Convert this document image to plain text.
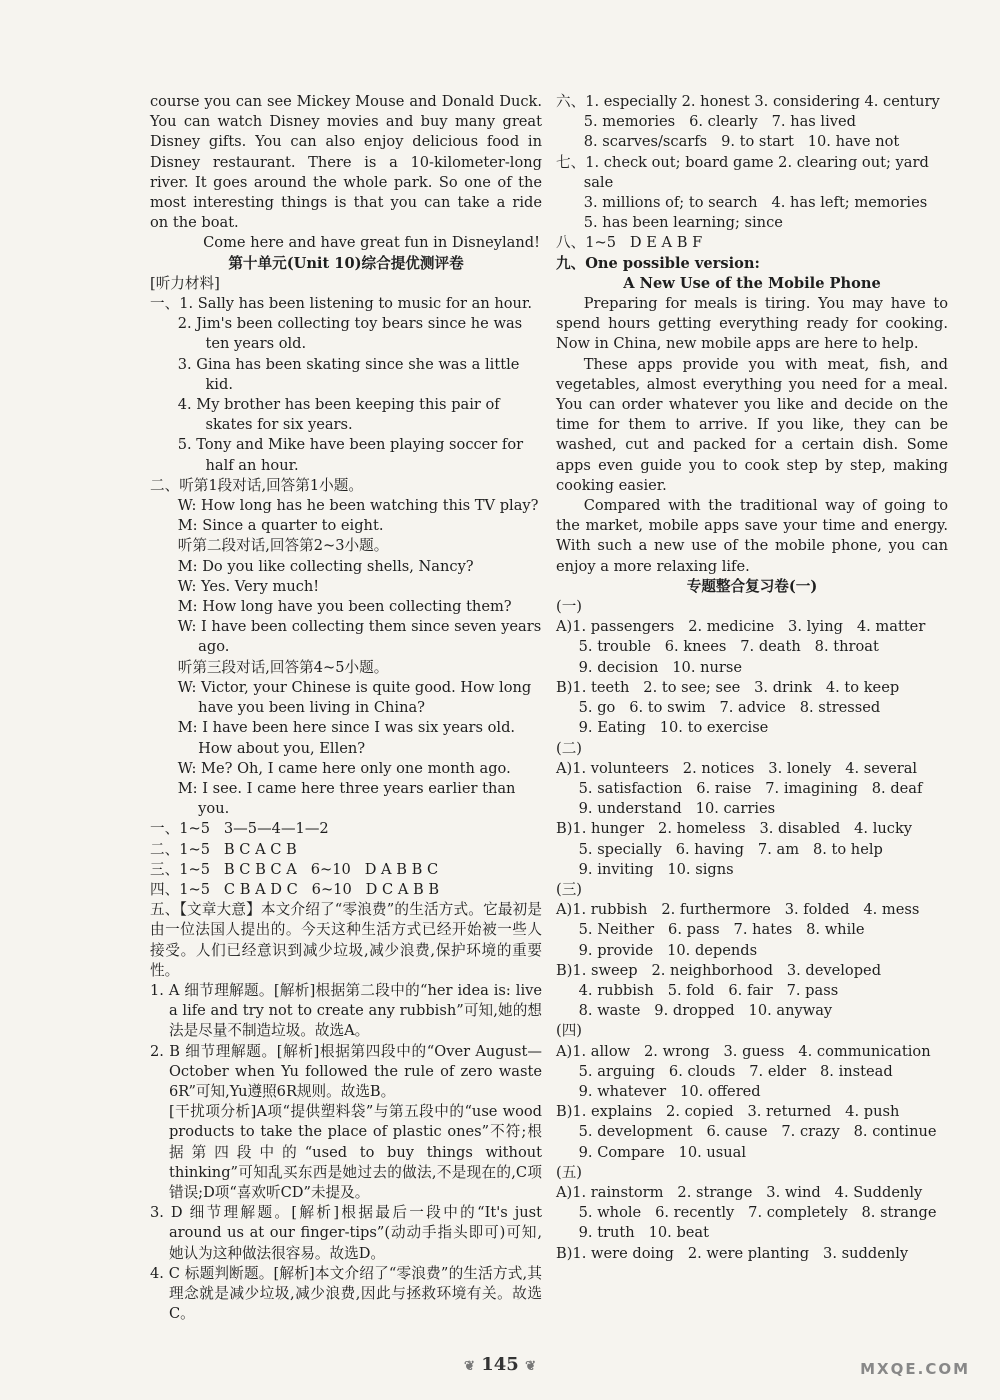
course you can see Mickey Mouse and Donald Duck. You can watch Disney movies and buy many great Disney gifts. You can also enjoy delicious food in Disney restaurant. There is a 10-kilometer-long river. It goes around the whole park. So one of the most interesting things is that you can take a ride on the boat.

Come here and have great fun in Disneyland!
第十单元(Unit 10)综合提优测评卷
[听力材料]
一、1. Sally has been listening to music for an hour.
2. Jim's been collecting toy bears since he was ten years old.
3. Gina has been skating since she was a little kid.
4. My brother has been keeping this pair of skates for six years.
5. Tony and Mike have been playing soccer for half an hour.
二、听第1段对话,回答第1小题。
W: How long has he been watching this TV play?
M: Since a quarter to eight.
听第二段对话,回答第2~3小题。
M: Do you like collecting shells, Nancy?
W: Yes. Very much!
M: How long have you been collecting them?
W: I have been collecting them since seven years ago.
听第三段对话,回答第4~5小题。
W: Victor, your Chinese is quite good. How long have you been living in China?
M: I have been here since I was six years old. How about you, Ellen?
W: Me? Oh, I came here only one month ago.
M: I see. I came here three years earlier than you.
一、1~5   3—5—4—1—2
二、1~5   B C A C B
三、1~5   B C B C A   6~10   D A B B C
四、1~5   C B A D C   6~10   D C A B B
五、【文章大意】本文介绍了“零浪费”的生活方式。它最初是由一位法国人提出的。今天这种生活方式已经开始被一些人接受。人们已经意识到减少垃圾,减少浪费,保护环境的重要性。
1. A 细节理解题。[解析]根据第二段中的“her idea is: live a life and try not to create any rubbish”可知,她的想法是尽量不制造垃圾。故选A。
2. B 细节理解题。[解析]根据第四段中的“Over August—October when Yu followed the rule of zero waste 6R”可知,Yu遵照6R规则。故选B。
[干扰项分析]A项“提供塑料袋”与第五段中的“use wood products to take the place of plastic ones”不符;根据第四段中的“used to buy things without thinking”可知乱买东西是她过去的做法,不是现在的,C项错误;D项“喜欢听CD”未提及。
3. D 细节理解题。[解析]根据最后一段中的“It's just around us at our finger-tips”(动动手指头即可)可知,她认为这种做法很容易。故选D。
4. C 标题判断题。[解析]本文介绍了“零浪费”的生活方式,其理念就是减少垃圾,减少浪费,因此与拯救环境有关。故选C。
六、1. especially 2. honest 3. considering 4. century
5. memories   6. clearly   7. has lived
8. scarves/scarfs   9. to start   10. have not
七、1. check out; board game 2. clearing out; yard sale
3. millions of; to search   4. has left; memories
5. has been learning; since
八、1~5   D E A B F
九、One possible version:
A New Use of the Mobile Phone

Preparing for meals is tiring. You may have to spend hours getting everything ready for cooking. Now in China, new mobile apps are here to help.

These apps provide you with meat, fish, and vegetables, almost everything you need for a meal. You can order whatever you like and decide on the time for them to arrive. If you like, they can be washed, cut and packed for a certain dish. Some apps even guide you to cook step by step, making cooking easier.

Compared with the traditional way of going to the market, mobile apps save your time and energy. With such a new use of the mobile phone, you can enjoy a more relaxing life.

专题整合复习卷(一)
(一)
A)1. passengers   2. medicine   3. lying   4. matter
5. trouble   6. knees   7. death   8. throat
9. decision   10. nurse
B)1. teeth   2. to see; see   3. drink   4. to keep
5. go   6. to swim   7. advice   8. stressed
9. Eating   10. to exercise
(二)
A)1. volunteers   2. notices   3. lonely   4. several
5. satisfaction   6. raise   7. imagining   8. deaf
9. understand   10. carries
B)1. hunger   2. homeless   3. disabled   4. lucky
5. specially   6. having   7. am   8. to help
9. inviting   10. signs
(三)
A)1. rubbish   2. furthermore   3. folded   4. mess
5. Neither   6. pass   7. hates   8. while
9. provide   10. depends
B)1. sweep   2. neighborhood   3. developed
4. rubbish   5. fold   6. fair   7. pass
8. waste   9. dropped   10. anyway
(四)
A)1. allow   2. wrong   3. guess   4. communication
5. arguing   6. clouds   7. elder   8. instead
9. whatever   10. offered
B)1. explains   2. copied   3. returned   4. push
5. development   6. cause   7. crazy   8. continue
9. Compare   10. usual
(五)
A)1. rainstorm   2. strange   3. wind   4. Suddenly
5. whole   6. recently   7. completely   8. strange
9. truth   10. beat
B)1. were doing   2. were planting   3. suddenly
❦ 145 ❦	MXQE.COM
